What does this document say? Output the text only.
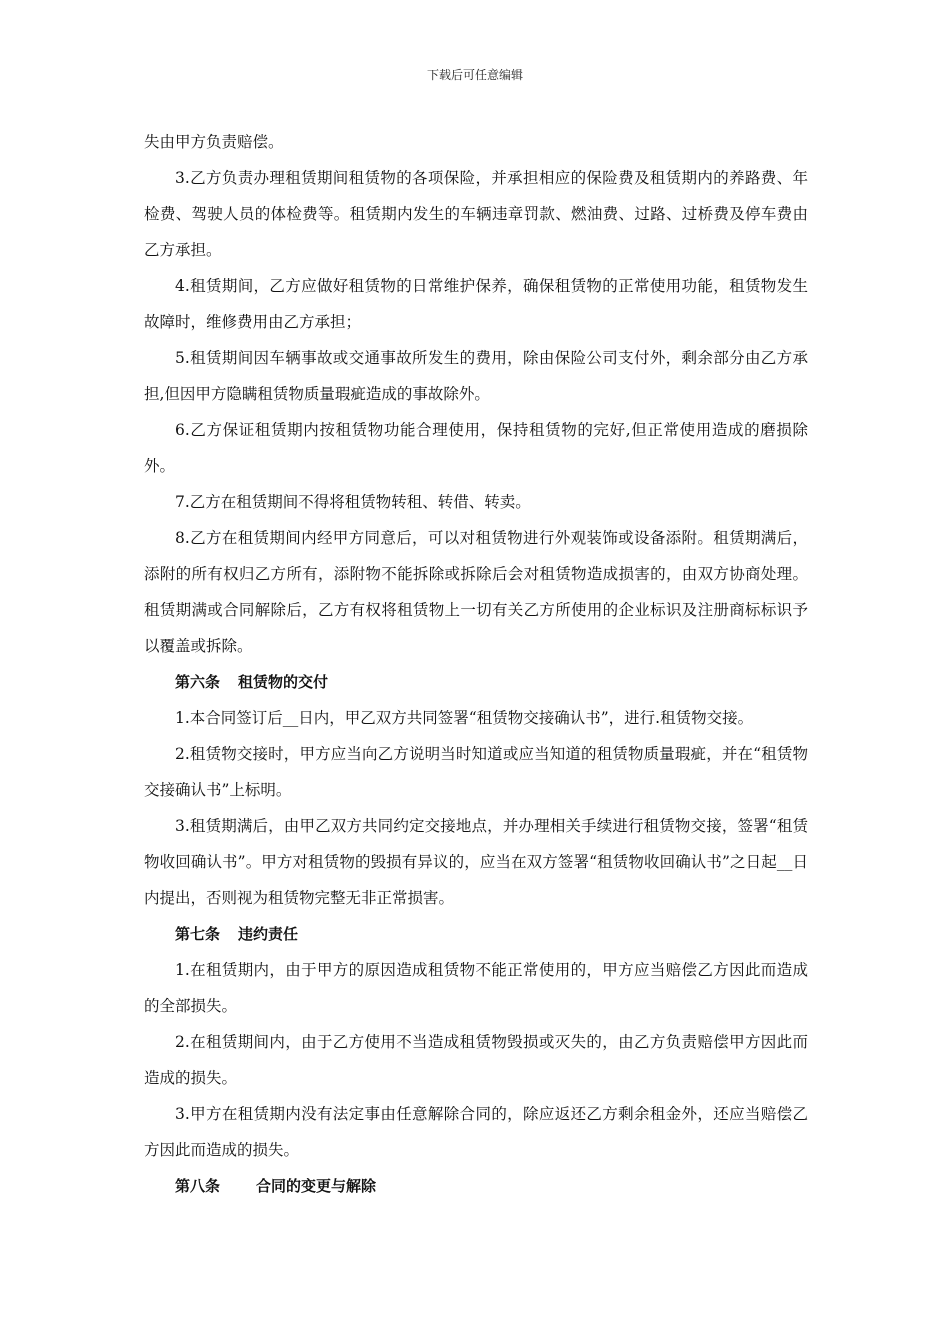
下载后可任意编辑

失由甲方负责赔偿。

3.乙方负责办理租赁期间租赁物的各项保险，并承担相应的保险费及租赁期内的养路费、年检费、驾驶人员的体检费等。租赁期内发生的车辆违章罚款、燃油费、过路、过桥费及停车费由乙方承担。

4.租赁期间，乙方应做好租赁物的日常维护保养，确保租赁物的正常使用功能，租赁物发生故障时，维修费用由乙方承担；

5.租赁期间因车辆事故或交通事故所发生的费用，除由保险公司支付外，剩余部分由乙方承担,但因甲方隐瞒租赁物质量瑕疵造成的事故除外。

6.乙方保证租赁期内按租赁物功能合理使用，保持租赁物的完好,但正常使用造成的磨损除外。

7.乙方在租赁期间不得将租赁物转租、转借、转卖。

8.乙方在租赁期间内经甲方同意后，可以对租赁物进行外观装饰或设备添附。租赁期满后，添附的所有权归乙方所有，添附物不能拆除或拆除后会对租赁物造成损害的，由双方协商处理。租赁期满或合同解除后，乙方有权将租赁物上一切有关乙方所使用的企业标识及注册商标标识予以覆盖或拆除。

第六条 租赁物的交付

1.本合同签订后__日内，甲乙双方共同签署“租赁物交接确认书”，进行.租赁物交接。

2.租赁物交接时，甲方应当向乙方说明当时知道或应当知道的租赁物质量瑕疵，并在“租赁物交接确认书”上标明。

3.租赁期满后，由甲乙双方共同约定交接地点，并办理相关手续进行租赁物交接，签署“租赁物收回确认书”。甲方对租赁物的毁损有异议的，应当在双方签署“租赁物收回确认书”之日起__日内提出，否则视为租赁物完整无非正常损害。

第七条 违约责任

1.在租赁期内，由于甲方的原因造成租赁物不能正常使用的，甲方应当赔偿乙方因此而造成的全部损失。

2.在租赁期间内，由于乙方使用不当造成租赁物毁损或灭失的，由乙方负责赔偿甲方因此而造成的损失。

3.甲方在租赁期内没有法定事由任意解除合同的，除应返还乙方剩余租金外，还应当赔偿乙方因此而造成的损失。

第八条 合同的变更与解除
